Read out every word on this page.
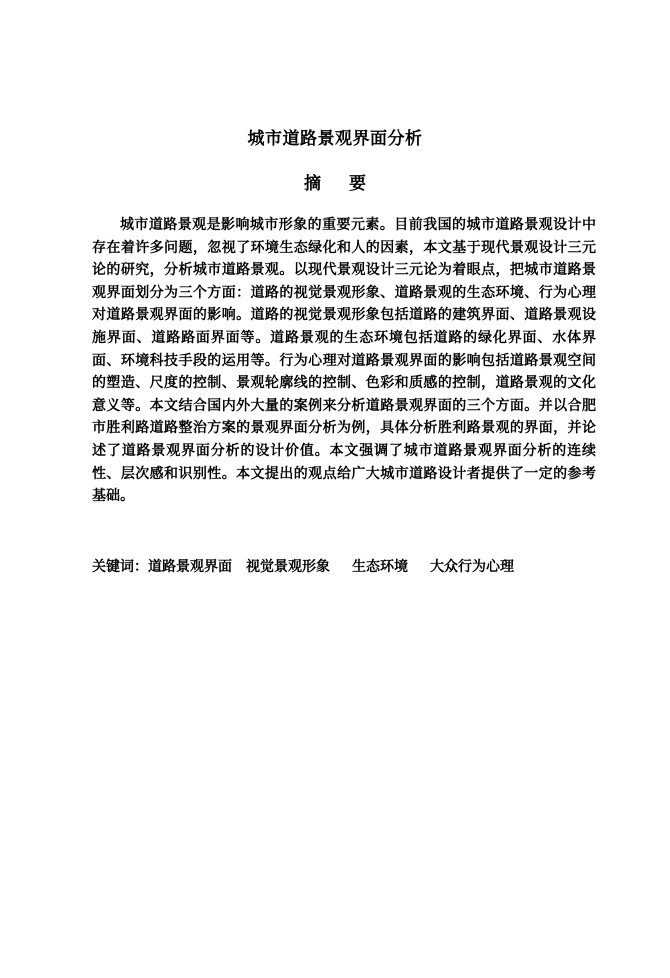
城市道路景观界面分析
摘 要

城市道路景观是影响城市形象的重要元素。目前我国的城市道路景观设计中存在着许多问题，忽视了环境生态绿化和人的因素，本文基于现代景观设计三元论的研究，分析城市道路景观。以现代景观设计三元论为着眼点，把城市道路景观界面划分为三个方面：道路的视觉景观形象、道路景观的生态环境、行为心理对道路景观界面的影响。道路的视觉景观形象包括道路的建筑界面、道路景观设施界面、道路路面界面等。道路景观的生态环境包括道路的绿化界面、水体界面、环境科技手段的运用等。行为心理对道路景观界面的影响包括道路景观空间的塑造、尺度的控制、景观轮廓线的控制、色彩和质感的控制，道路景观的文化意义等。本文结合国内外大量的案例来分析道路景观界面的三个方面。并以合肥市胜利路道路整治方案的景观界面分析为例，具体分析胜利路景观的界面，并论述了道路景观界面分析的设计价值。本文强调了城市道路景观界面分析的连续性、层次感和识别性。本文提出的观点给广大城市道路设计者提供了一定的参考基础。

关键词：道路景观界面 视觉景观形象 生态环境 大众行为心理
